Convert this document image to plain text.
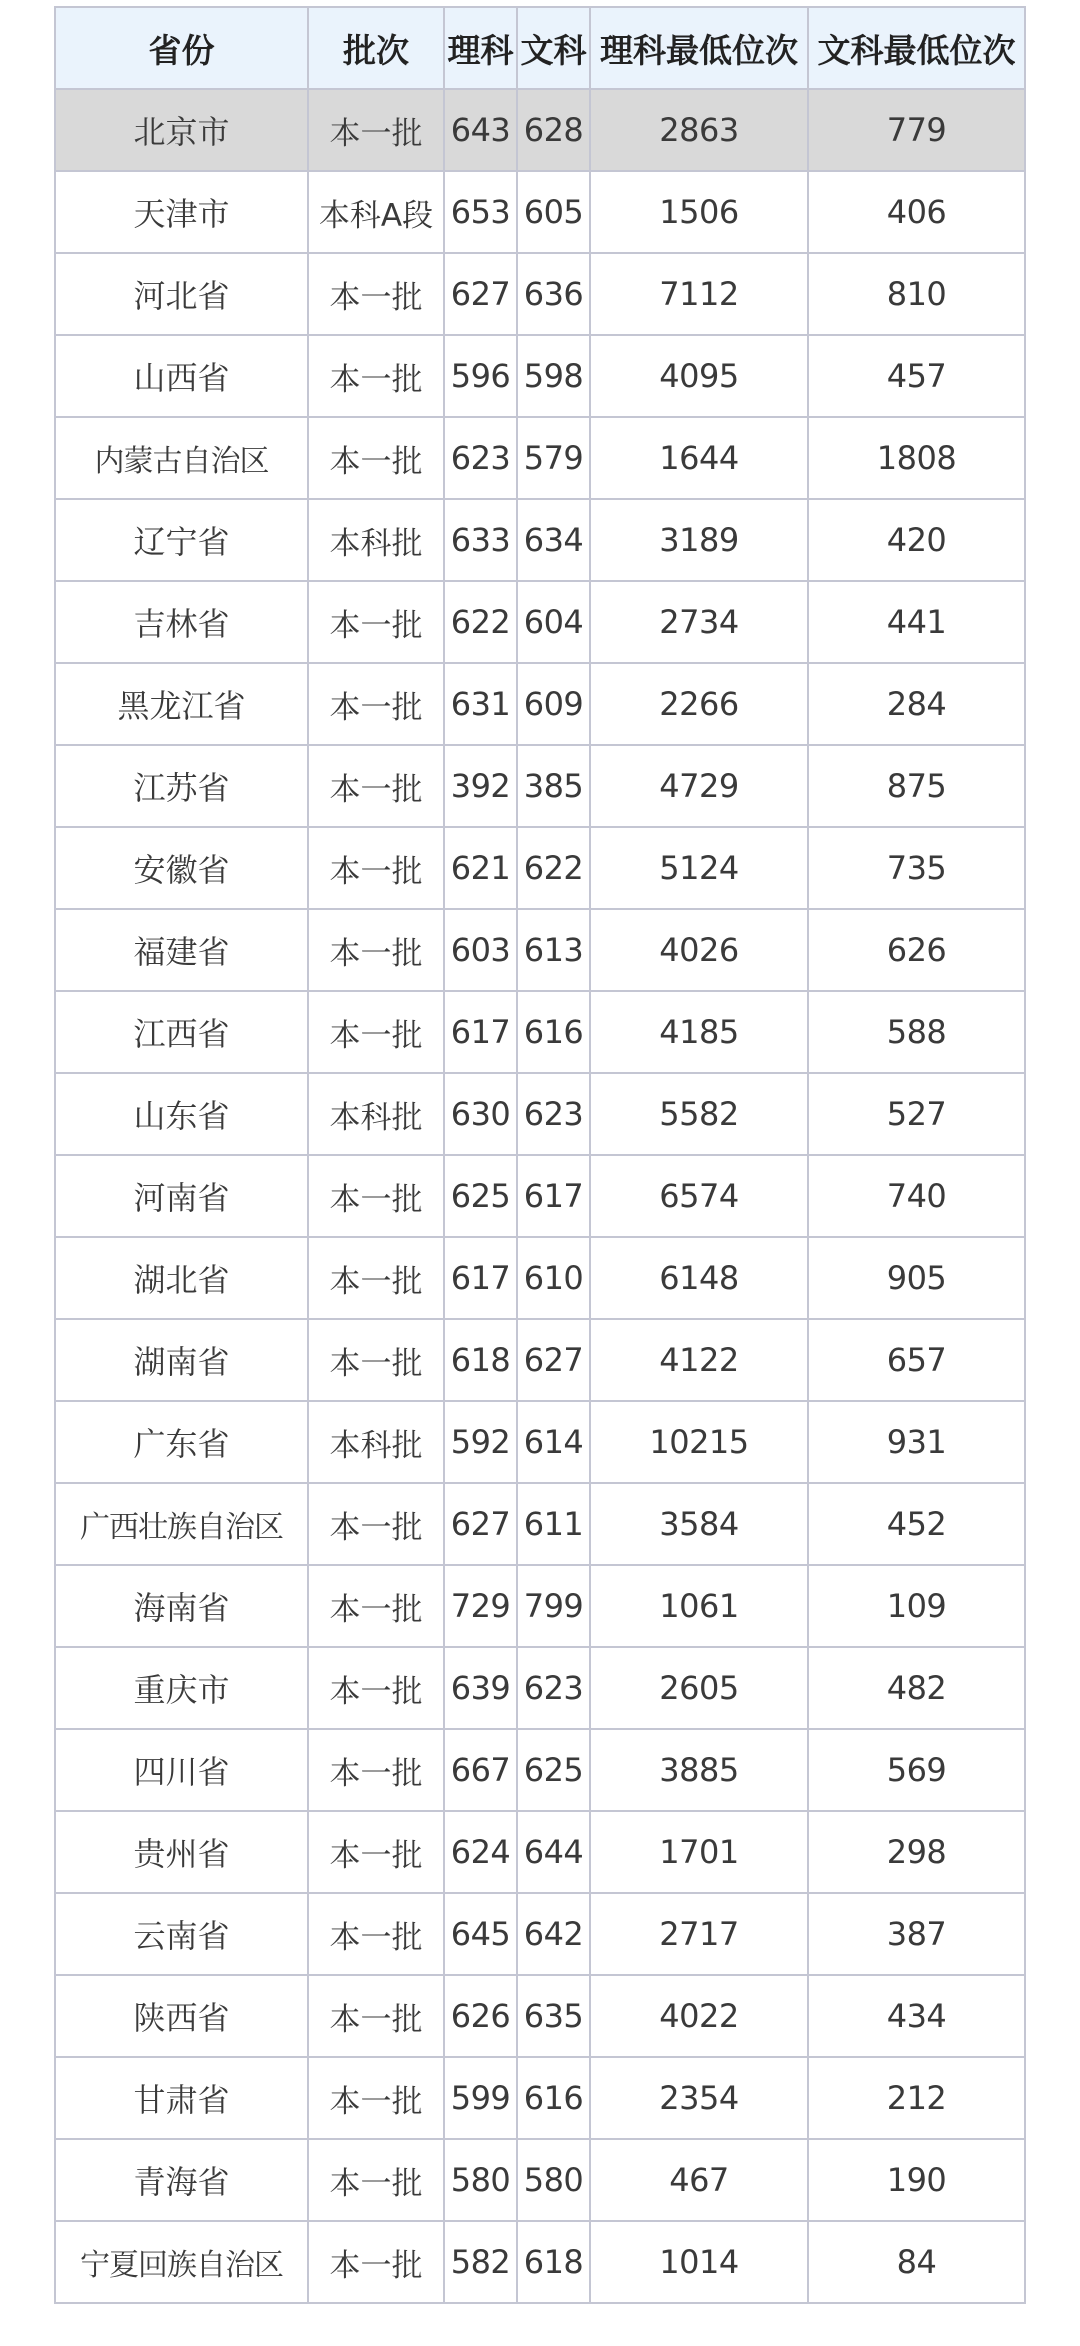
省份	批次	理科	文科	理科最低位次	文科最低位次
北京市	本一批	643	628	2863	779
天津市	本科A段	653	605	1506	406
河北省	本一批	627	636	7112	810
山西省	本一批	596	598	4095	457
内蒙古自治区	本一批	623	579	1644	1808
辽宁省	本科批	633	634	3189	420
吉林省	本一批	622	604	2734	441
黑龙江省	本一批	631	609	2266	284
江苏省	本一批	392	385	4729	875
安徽省	本一批	621	622	5124	735
福建省	本一批	603	613	4026	626
江西省	本一批	617	616	4185	588
山东省	本科批	630	623	5582	527
河南省	本一批	625	617	6574	740
湖北省	本一批	617	610	6148	905
湖南省	本一批	618	627	4122	657
广东省	本科批	592	614	10215	931
广西壮族自治区	本一批	627	611	3584	452
海南省	本一批	729	799	1061	109
重庆市	本一批	639	623	2605	482
四川省	本一批	667	625	3885	569
贵州省	本一批	624	644	1701	298
云南省	本一批	645	642	2717	387
陕西省	本一批	626	635	4022	434
甘肃省	本一批	599	616	2354	212
青海省	本一批	580	580	467	190
宁夏回族自治区	本一批	582	618	1014	84
